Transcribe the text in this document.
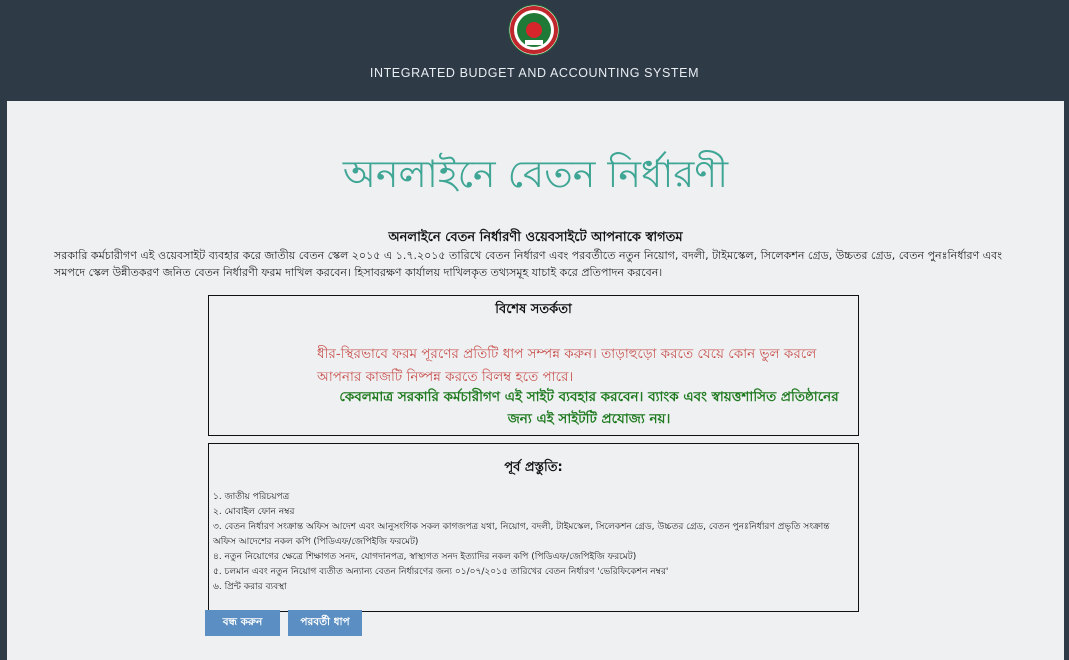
INTEGRATED BUDGET AND ACCOUNTING SYSTEM
অনলাইনে বেতন নির্ধারণী
অনলাইনে বেতন নির্ধারণী ওয়েবসাইটে আপনাকে স্বাগতম
সরকারি কর্মচারীগণ এই ওয়েবসাইট ব্যবহার করে জাতীয় বেতন স্কেল ২০১৫ এ ১.৭.২০১৫ তারিখে বেতন নির্ধারণ এবং পরবর্তীতে নতুন নিয়োগ, বদলী, টাইমস্কেল, সিলেকশন গ্রেড, উচ্চতর গ্রেড, বেতন পুনঃনির্ধারণ এবং সমপদে স্কেল উন্নীতকরণ জনিত বেতন নির্ধারণী ফরম দাখিল করবেন। হিসাবরক্ষণ কার্যালয় দাখিলকৃত তথ্যসমূহ যাচাই করে প্রতিপাদন করবেন।
বিশেষ সতর্কতা
ধীর-স্থিরভাবে ফরম পূরণের প্রতিটি ধাপ সম্পন্ন করুন। তাড়াহুড়ো করতে যেয়ে কোন ভুল করলে আপনার কাজটি নিষ্পন্ন করতে বিলম্ব হতে পারে।
কেবলমাত্র সরকারি কর্মচারীগণ এই সাইট ব্যবহার করবেন। ব্যাংক এবং স্বায়ত্তশাসিত প্রতিষ্ঠানের জন্য এই সাইটটি প্রযোজ্য নয়।
পূর্ব প্রস্তুতি:
১. জাতীয় পরিচয়পত্র
২. মোবাইল ফোন নম্বর
৩. বেতন নির্ধারণ সংক্রান্ত অফিস আদেশ এবং আনুসংগিক সকল কাগজপত্র যথা, নিয়োগ, বদলী, টাইমস্কেল, সিলেকশন গ্রেড, উচ্চতর গ্রেড, বেতন পুনঃনির্ধারণ প্রভৃতি সংক্রান্ত অফিস আদেশের নকল কপি (পিডিএফ/জেপিইজি ফরমেট)
৪. নতুন নিয়োগের ক্ষেত্রে শিক্ষাগত সনদ, যোগদানপত্র, স্বাস্থ্যগত সনদ ইত্যাদির নকল কপি (পিডিএফ/জেপিইজি ফরমেট)
৫. চলমান এবং নতুন নিয়োগ ব্যতীত অন্যান্য বেতন নির্ধারণের জন্য ০১/০৭/২০১৫ তারিখের বেতন নির্ধারণ 'ভেরিফিকেশন নম্বর'
৬. প্রিন্ট করার ব্যবস্থা
বন্ধ করুন	পরবর্তী ধাপ
